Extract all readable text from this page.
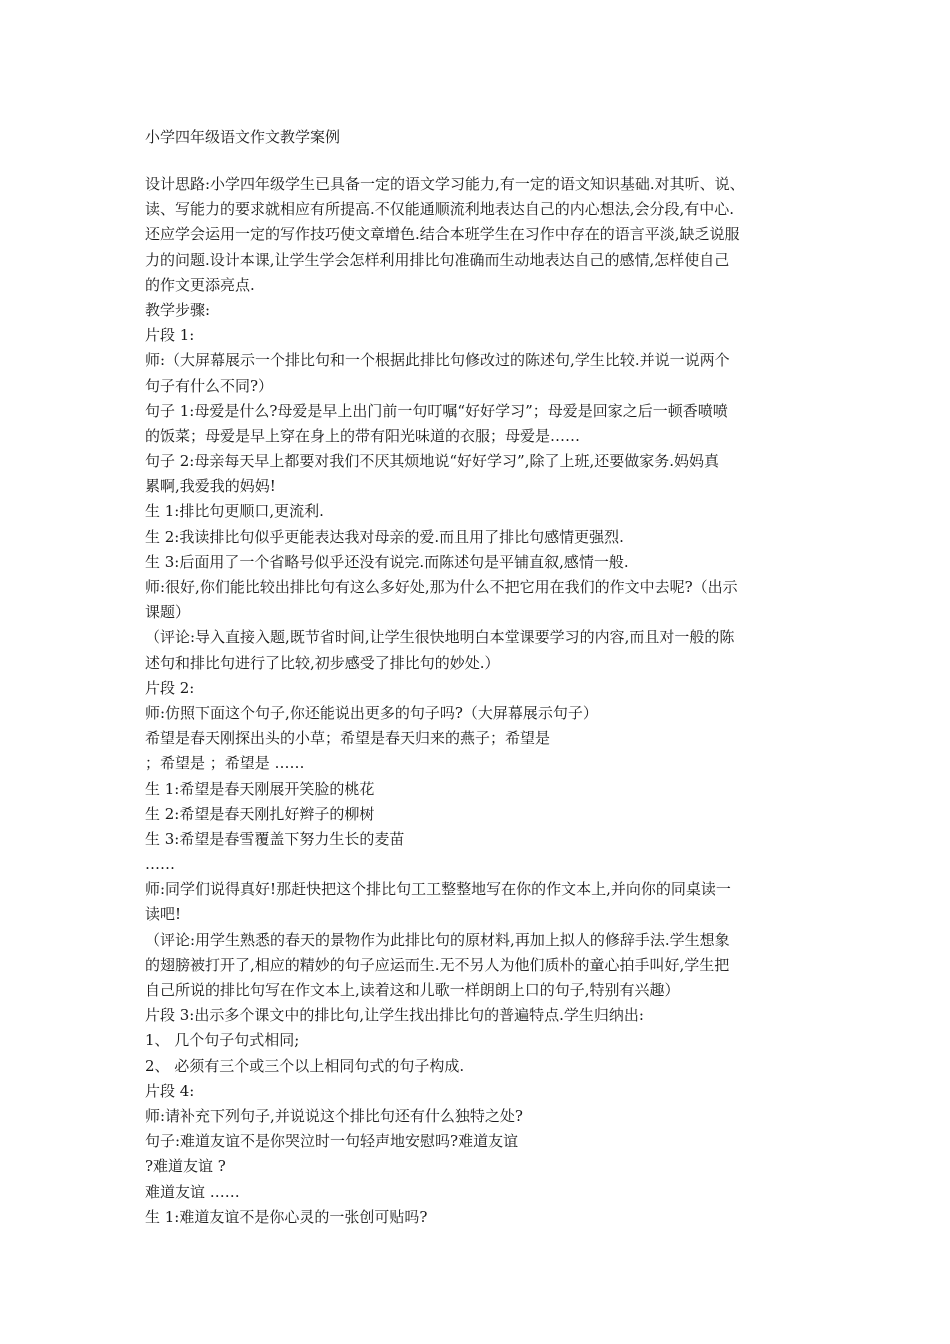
小学四年级语文作文教学案例
设计思路:小学四年级学生已具备一定的语文学习能力,有一定的语文知识基础.对其听、说、
读、写能力的要求就相应有所提高.不仅能通顺流利地表达自己的内心想法,会分段,有中心.
还应学会运用一定的写作技巧使文章增色.结合本班学生在习作中存在的语言平淡,缺乏说服
力的问题.设计本课,让学生学会怎样利用排比句准确而生动地表达自己的感情,怎样使自己
的作文更添亮点.
教学步骤:
片段 1:
师:（大屏幕展示一个排比句和一个根据此排比句修改过的陈述句,学生比较.并说一说两个
句子有什么不同?）
句子 1:母爱是什么?母爱是早上出门前一句叮嘱“好好学习”；母爱是回家之后一顿香喷喷
的饭菜；母爱是早上穿在身上的带有阳光味道的衣服；母爱是……
句子 2:母亲每天早上都要对我们不厌其烦地说“好好学习”,除了上班,还要做家务.妈妈真
累啊,我爱我的妈妈!
生 1:排比句更顺口,更流利.
生 2:我读排比句似乎更能表达我对母亲的爱.而且用了排比句感情更强烈.
生 3:后面用了一个省略号似乎还没有说完.而陈述句是平铺直叙,感情一般.
师:很好,你们能比较出排比句有这么多好处,那为什么不把它用在我们的作文中去呢?（出示
课题）
（评论:导入直接入题,既节省时间,让学生很快地明白本堂课要学习的内容,而且对一般的陈
述句和排比句进行了比较,初步感受了排比句的妙处.）
片段 2:
师:仿照下面这个句子,你还能说出更多的句子吗?（大屏幕展示句子）
希望是春天刚探出头的小草；希望是春天归来的燕子；希望是
；希望是 ；希望是 ……
生 1:希望是春天刚展开笑脸的桃花
生 2:希望是春天刚扎好辫子的柳树
生 3:希望是春雪覆盖下努力生长的麦苗
……
师:同学们说得真好!那赶快把这个排比句工工整整地写在你的作文本上,并向你的同桌读一
读吧!
（评论:用学生熟悉的春天的景物作为此排比句的原材料,再加上拟人的修辞手法.学生想象
的翅膀被打开了,相应的精妙的句子应运而生.无不另人为他们质朴的童心拍手叫好,学生把
自己所说的排比句写在作文本上,读着这和儿歌一样朗朗上口的句子,特别有兴趣）
片段 3:出示多个课文中的排比句,让学生找出排比句的普遍特点.学生归纳出:
1、 几个句子句式相同;
2、 必须有三个或三个以上相同句式的句子构成.
片段 4:
师:请补充下列句子,并说说这个排比句还有什么独特之处?
句子:难道友谊不是你哭泣时一句轻声地安慰吗?难道友谊
?难道友谊 ?
难道友谊 ……
生 1:难道友谊不是你心灵的一张创可贴吗?
